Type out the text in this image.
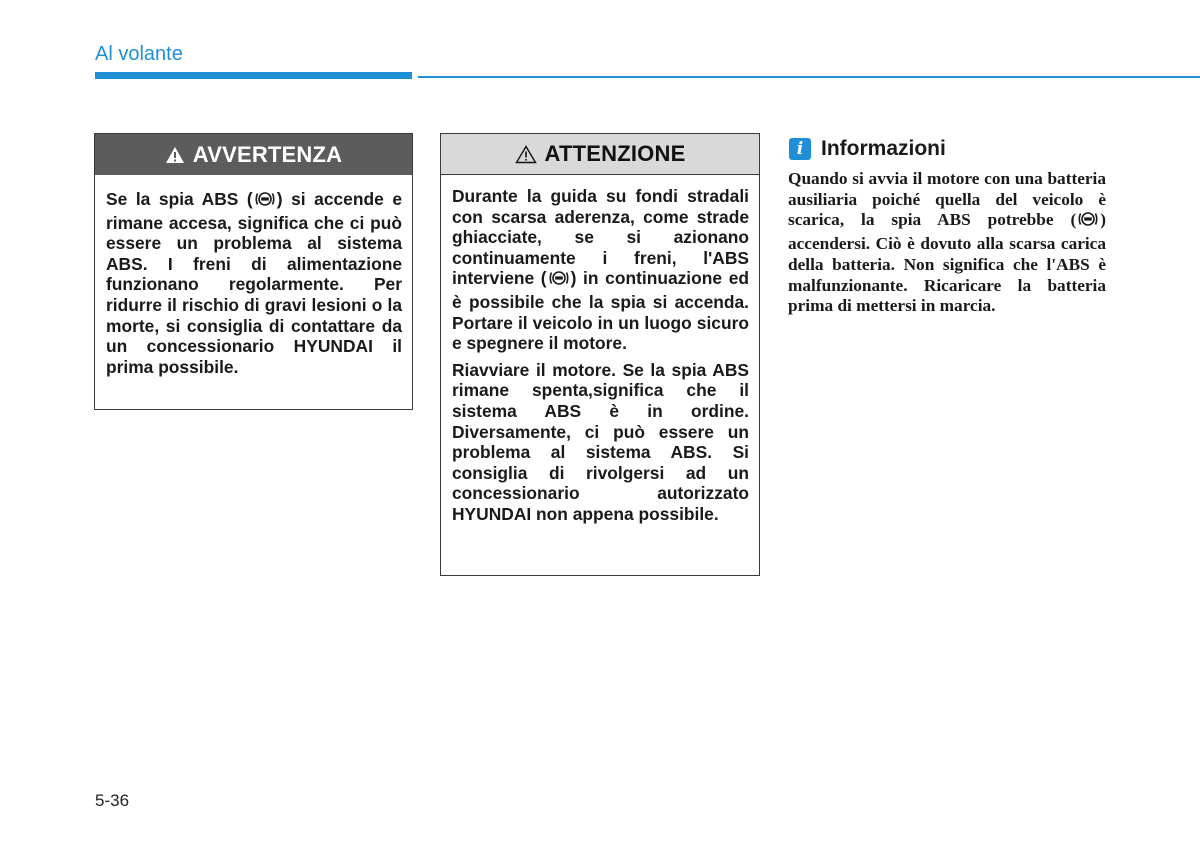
Al volante
AVVERTENZA

Se la spia ABS ( ) si accende e rimane accesa, significa che ci può essere un problema al sistema ABS. I freni di alimentazione funzionano regolarmente. Per ridurre il rischio di gravi lesioni o la morte, si consiglia di contattare da un concessionario HYUNDAI il prima possibile.

ATTENZIONE

Durante la guida su fondi stradali con scarsa aderenza, come strade ghiacciate, se si azionano continuamente i freni, l'ABS interviene ( ) in continuazione ed è possibile che la spia si accenda. Portare il veicolo in un luogo sicuro e spegnere il motore.

Riavviare il motore. Se la spia ABS rimane spenta,significa che il sistema ABS è in ordine. Diversamente, ci può essere un problema al sistema ABS. Si consiglia di rivolgersi ad un concessionario autorizzato HYUNDAI non appena possibile.

i Informazioni
Quando si avvia il motore con una batteria ausiliaria poiché quella del veicolo è scarica, la spia ABS potrebbe ( ) accendersi. Ciò è dovuto alla scarsa carica della batteria. Non significa che l'ABS è malfunzionante. Ricaricare la batteria prima di mettersi in marcia.
5-36
